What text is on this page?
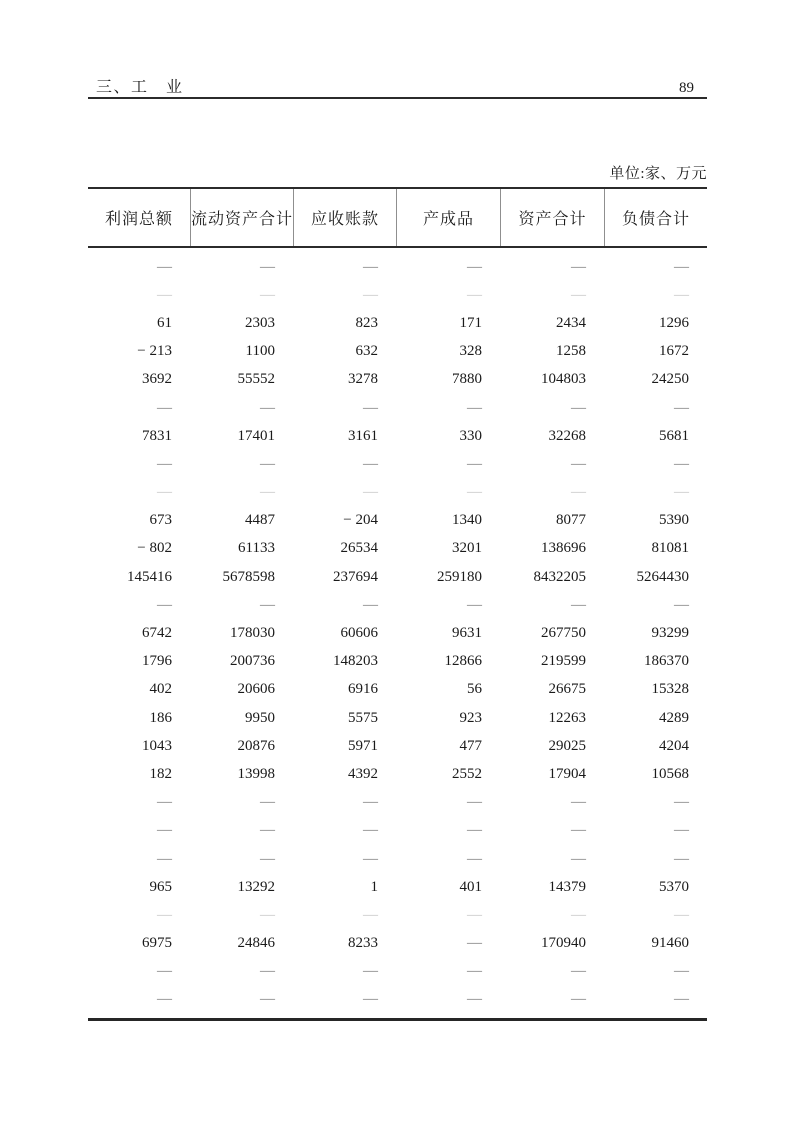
三、工　业	89
单位:家、万元
利润总额	流动资产合计	应收账款	产成品	资产合计	负债合计
—	—	—	—	—	—
—	—	—	—	—	—
61	2303	823	171	2434	1296
− 213	1100	632	328	1258	1672
3692	55552	3278	7880	104803	24250
—	—	—	—	—	—
7831	17401	3161	330	32268	5681
—	—	—	—	—	—
—	—	—	—	—	—
673	4487	− 204	1340	8077	5390
− 802	61133	26534	3201	138696	81081
145416	5678598	237694	259180	8432205	5264430
—	—	—	—	—	—
6742	178030	60606	9631	267750	93299
1796	200736	148203	12866	219599	186370
402	20606	6916	56	26675	15328
186	9950	5575	923	12263	4289
1043	20876	5971	477	29025	4204
182	13998	4392	2552	17904	10568
—	—	—	—	—	—
—	—	—	—	—	—
—	—	—	—	—	—
965	13292	1	401	14379	5370
—	—	—	—	—	—
6975	24846	8233	—	170940	91460
—	—	—	—	—	—
—	—	—	—	—	—
